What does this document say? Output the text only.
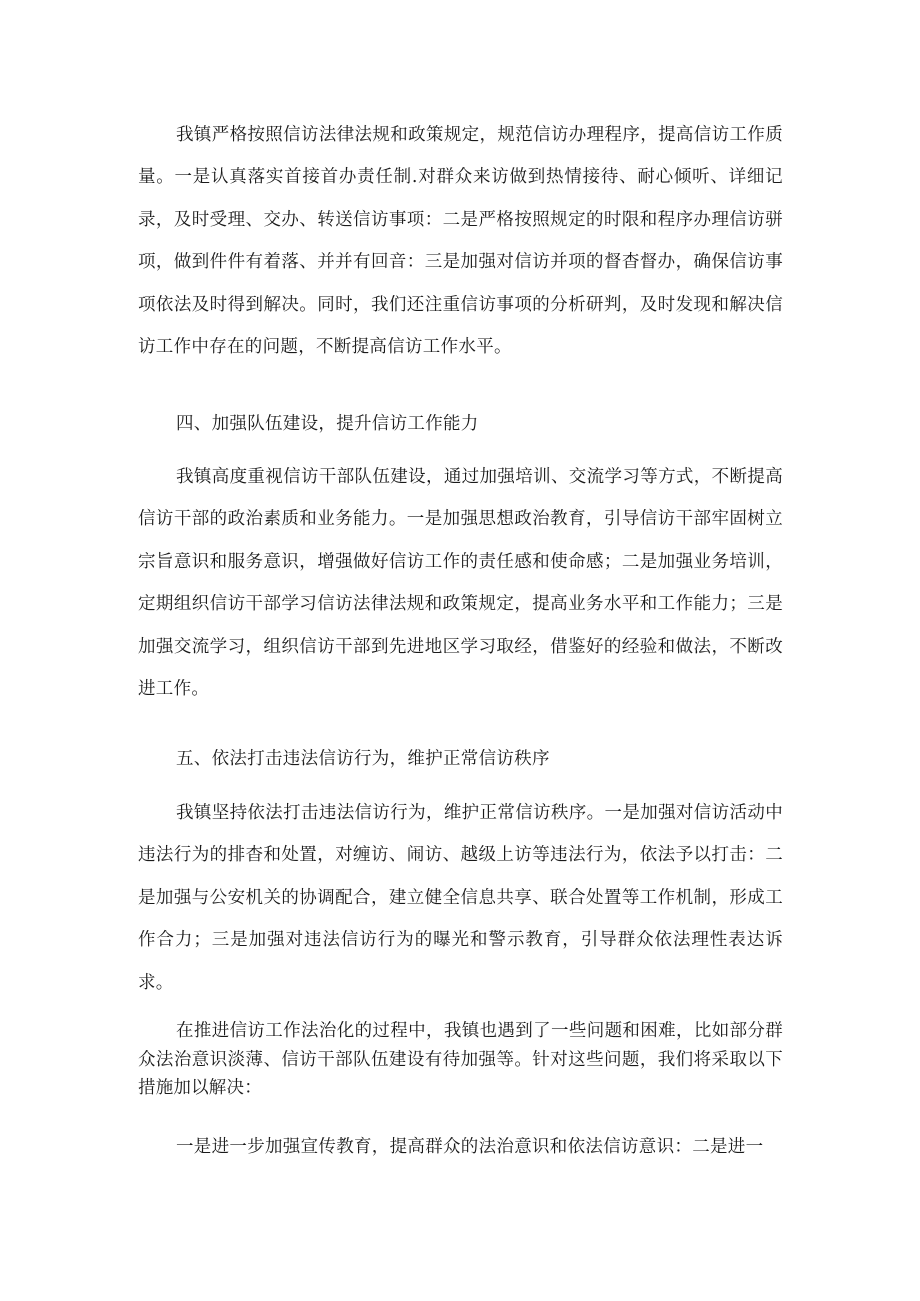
我镇严格按照信访法律法规和政策规定，规范信访办理程序，提高信访工作质量。一是认真落实首接首办责任制.对群众来访做到热情接待、耐心倾听、详细记录，及时受理、交办、转送信访事项：二是严格按照规定的时限和程序办理信访骈项，做到件件有着落、并并有回音：三是加强对信访并项的督杳督办，确保信访事项依法及时得到解决。同时，我们还注重信访事项的分析研判，及时发现和解决信访工作中存在的问题，不断提高信访工作水平。

四、加强队伍建设，提升信访工作能力

我镇高度重视信访干部队伍建设，通过加强培训、交流学习等方式，不断提高信访干部的政治素质和业务能力。一是加强思想政治教育，引导信访干部牢固树立宗旨意识和服务意识，增强做好信访工作的责任感和使命感；二是加强业务培训，定期组织信访干部学习信访法律法规和政策规定，提高业务水平和工作能力；三是加强交流学习，组织信访干部到先进地区学习取经，借鉴好的经验和做法，不断改进工作。

五、依法打击违法信访行为，维护正常信访秩序

我镇坚持依法打击违法信访行为，维护正常信访秩序。一是加强对信访活动中违法行为的排杳和处置，对缠访、闹访、越级上访等违法行为，依法予以打击：二是加强与公安机关的协调配合，建立健全信息共享、联合处置等工作机制，形成工作合力；三是加强对违法信访行为的曝光和警示教育，引导群众依法理性表达诉求。

在推进信访工作法治化的过程中，我镇也遇到了一些问题和困难，比如部分群众法治意识淡薄、信访干部队伍建设有待加强等。针对这些问题，我们将采取以下措施加以解决：

一是进一步加强宣传教育，提高群众的法治意识和依法信访意识：二是进一
